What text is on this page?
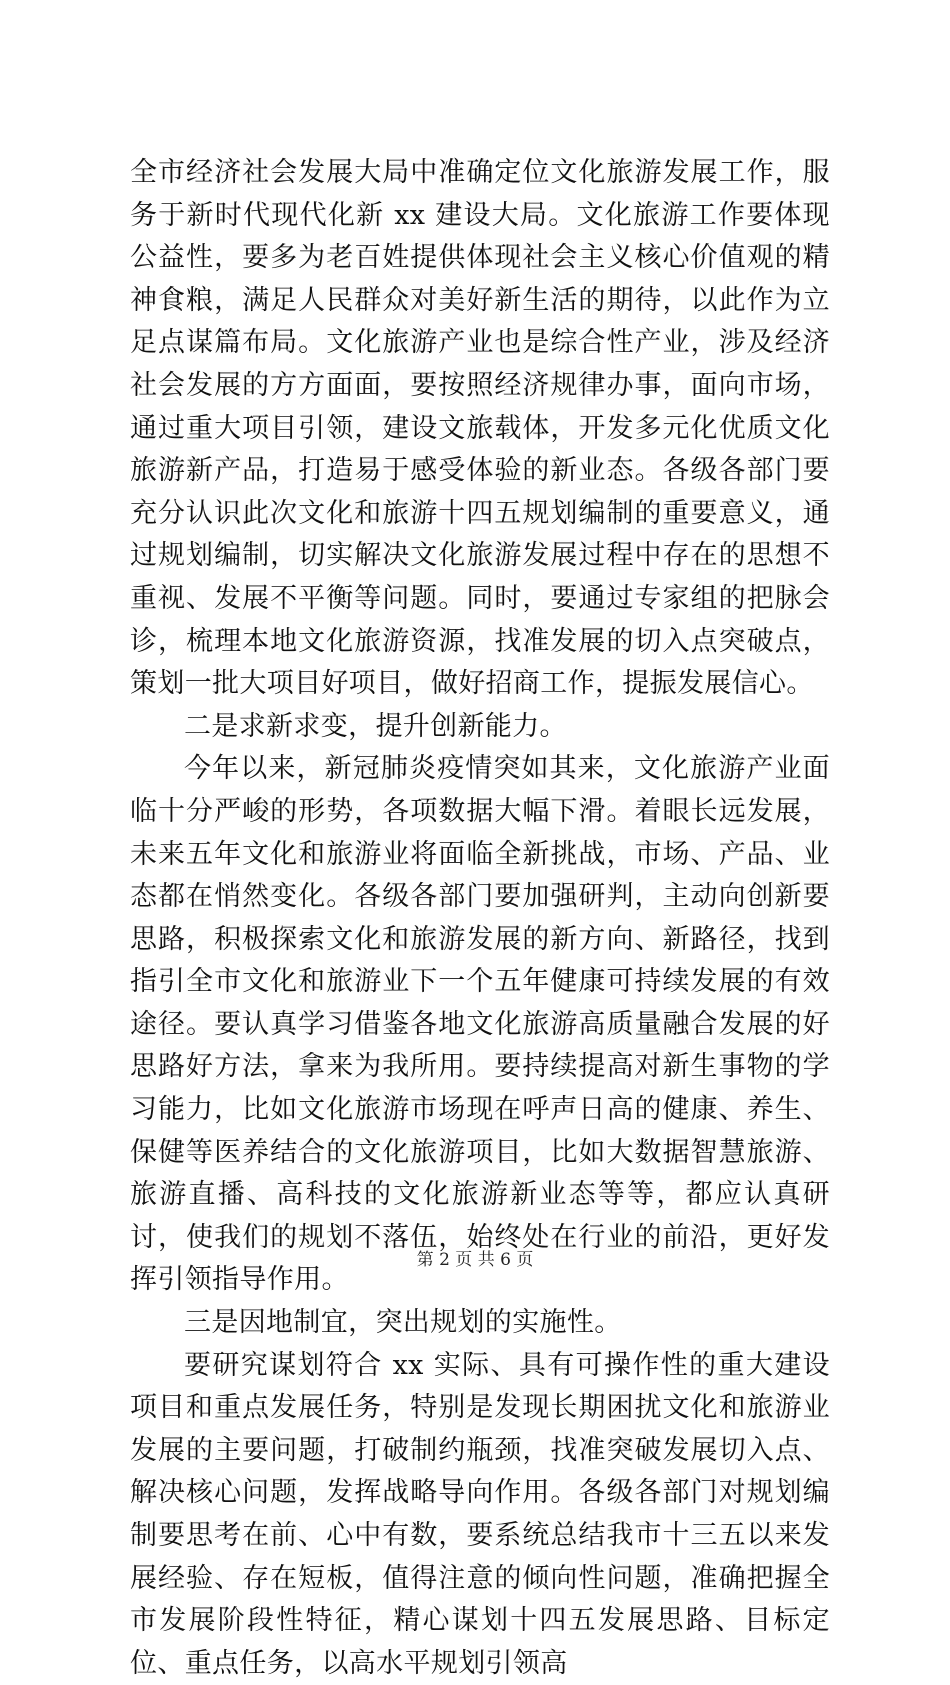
全市经济社会发展大局中准确定位文化旅游发展工作，服务于新时代现代化新 xx 建设大局。文化旅游工作要体现公益性，要多为老百姓提供体现社会主义核心价值观的精神食粮，满足人民群众对美好新生活的期待，以此作为立足点谋篇布局。文化旅游产业也是综合性产业，涉及经济社会发展的方方面面，要按照经济规律办事，面向市场，通过重大项目引领，建设文旅载体，开发多元化优质文化旅游新产品，打造易于感受体验的新业态。各级各部门要充分认识此次文化和旅游十四五规划编制的重要意义，通过规划编制，切实解决文化旅游发展过程中存在的思想不重视、发展不平衡等问题。同时，要通过专家组的把脉会诊，梳理本地文化旅游资源，找准发展的切入点突破点，策划一批大项目好项目，做好招商工作，提振发展信心。

二是求新求变，提升创新能力。

今年以来，新冠肺炎疫情突如其来，文化旅游产业面临十分严峻的形势，各项数据大幅下滑。着眼长远发展，未来五年文化和旅游业将面临全新挑战，市场、产品、业态都在悄然变化。各级各部门要加强研判，主动向创新要思路，积极探索文化和旅游发展的新方向、新路径，找到指引全市文化和旅游业下一个五年健康可持续发展的有效途径。要认真学习借鉴各地文化旅游高质量融合发展的好思路好方法，拿来为我所用。要持续提高对新生事物的学习能力，比如文化旅游市场现在呼声日高的健康、养生、保健等医养结合的文化旅游项目，比如大数据智慧旅游、旅游直播、高科技的文化旅游新业态等等，都应认真研讨，使我们的规划不落伍，始终处在行业的前沿，更好发挥引领指导作用。

三是因地制宜，突出规划的实施性。

要研究谋划符合 xx 实际、具有可操作性的重大建设项目和重点发展任务，特别是发现长期困扰文化和旅游业发展的主要问题，打破制约瓶颈，找准突破发展切入点、解决核心问题，发挥战略导向作用。各级各部门对规划编制要思考在前、心中有数，要系统总结我市十三五以来发展经验、存在短板，值得注意的倾向性问题，准确把握全市发展阶段性特征，精心谋划十四五发展思路、目标定位、重点任务，以高水平规划引领高

第 2 页 共 6 页
